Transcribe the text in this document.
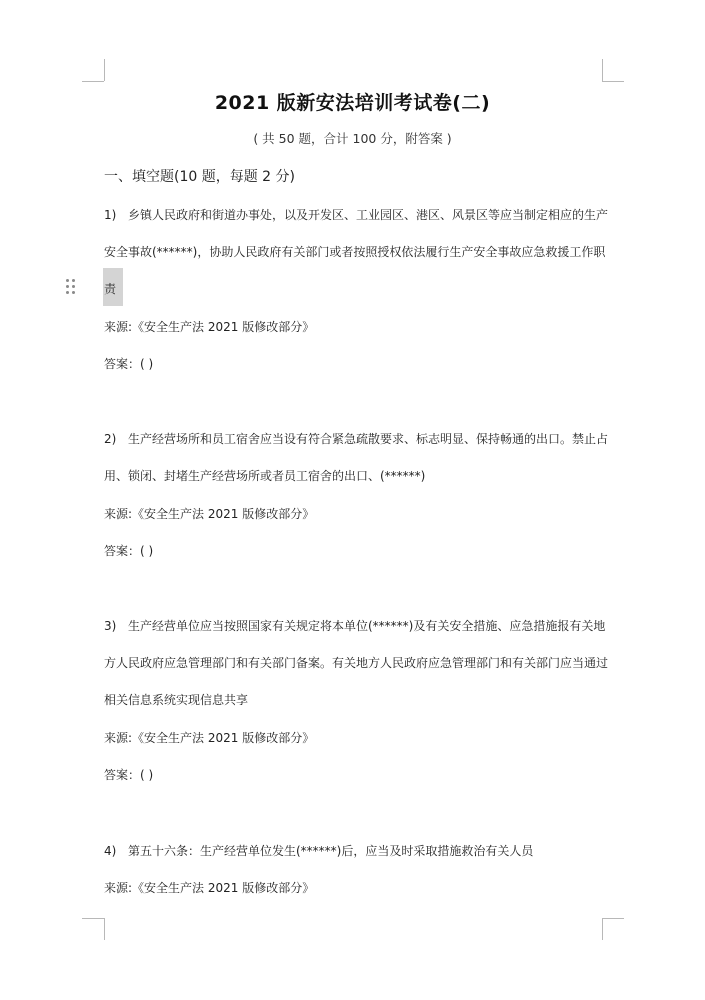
2021 版新安法培训考试卷(二)
( 共 50 题，合计 100 分，附答案 )
一、填空题(10 题，每题 2 分)
1) 乡镇人民政府和街道办事处，以及开发区、工业园区、港区、风景区等应当制定相应的生产
安全事故(******)，协助人民政府有关部门或者按照授权依法履行生产安全事故应急救援工作职
责
来源:《安全生产法 2021 版修改部分》
答案：( )
2) 生产经营场所和员工宿舍应当设有符合紧急疏散要求、标志明显、保持畅通的出口。禁止占
用、锁闭、封堵生产经营场所或者员工宿舍的出口、(******)
来源:《安全生产法 2021 版修改部分》
答案：( )
3) 生产经营单位应当按照国家有关规定将本单位(******)及有关安全措施、应急措施报有关地
方人民政府应急管理部门和有关部门备案。有关地方人民政府应急管理部门和有关部门应当通过
相关信息系统实现信息共享
来源:《安全生产法 2021 版修改部分》
答案：( )
4) 第五十六条：生产经营单位发生(******)后，应当及时采取措施救治有关人员
来源:《安全生产法 2021 版修改部分》
